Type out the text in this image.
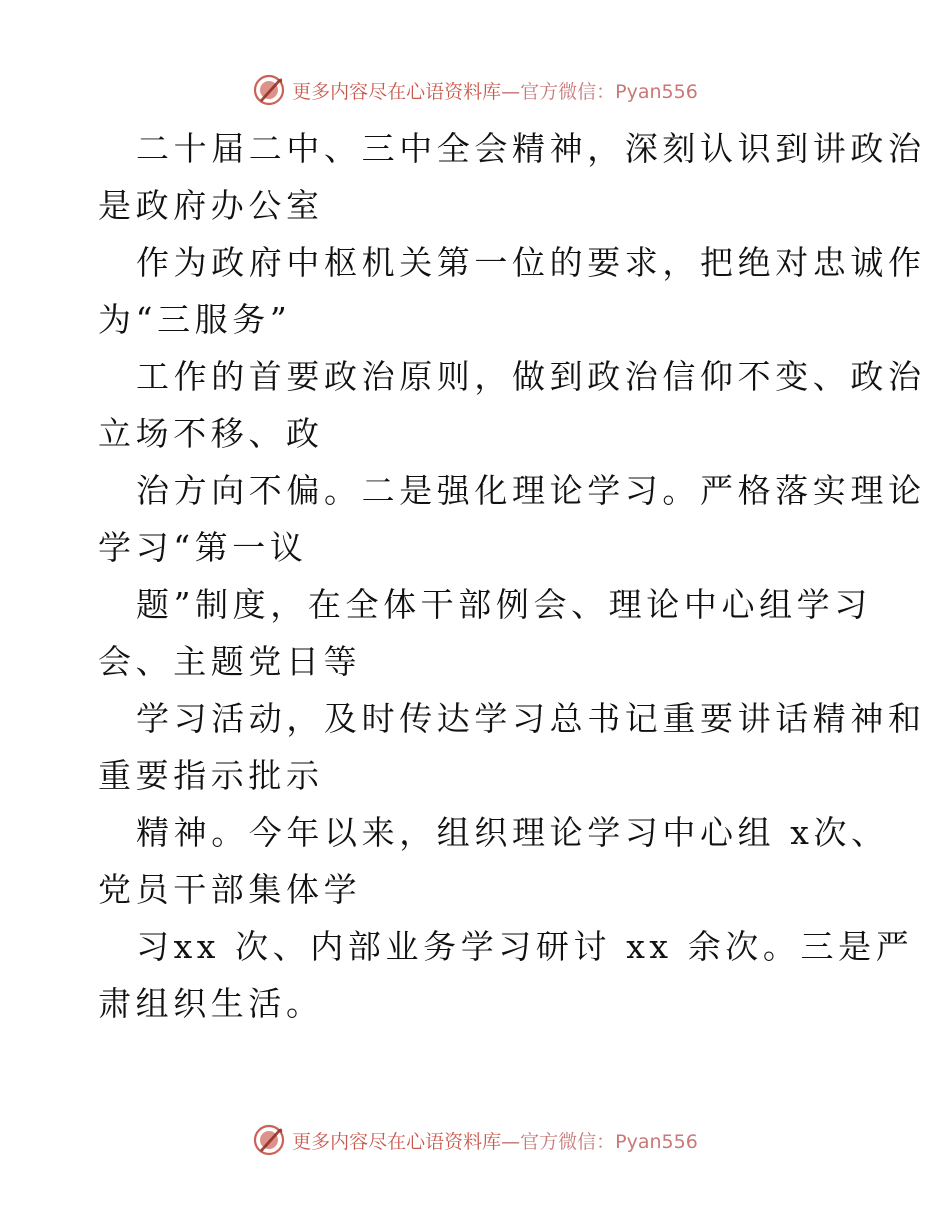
更多内容尽在心语资料库 — 官方微信：Pyan556
二十届二中、三中全会精神，深刻认识到讲政治
是政府办公室
作为政府中枢机关第一位的要求，把绝对忠诚作
为“三服务”
工作的首要政治原则，做到政治信仰不变、政治
立场不移、政
治方向不偏。二是强化理论学习。严格落实理论
学习“第一议
题”制度，在全体干部例会、理论中心组学习
会、主题党日等
学习活动，及时传达学习总书记重要讲话精神和
重要指示批示
精神。今年以来，组织理论学习中心组 x次、
党员干部集体学
习xx 次、内部业务学习研讨 xx 余次。三是严
肃组织生活。
更多内容尽在心语资料库 — 官方微信：Pyan556
